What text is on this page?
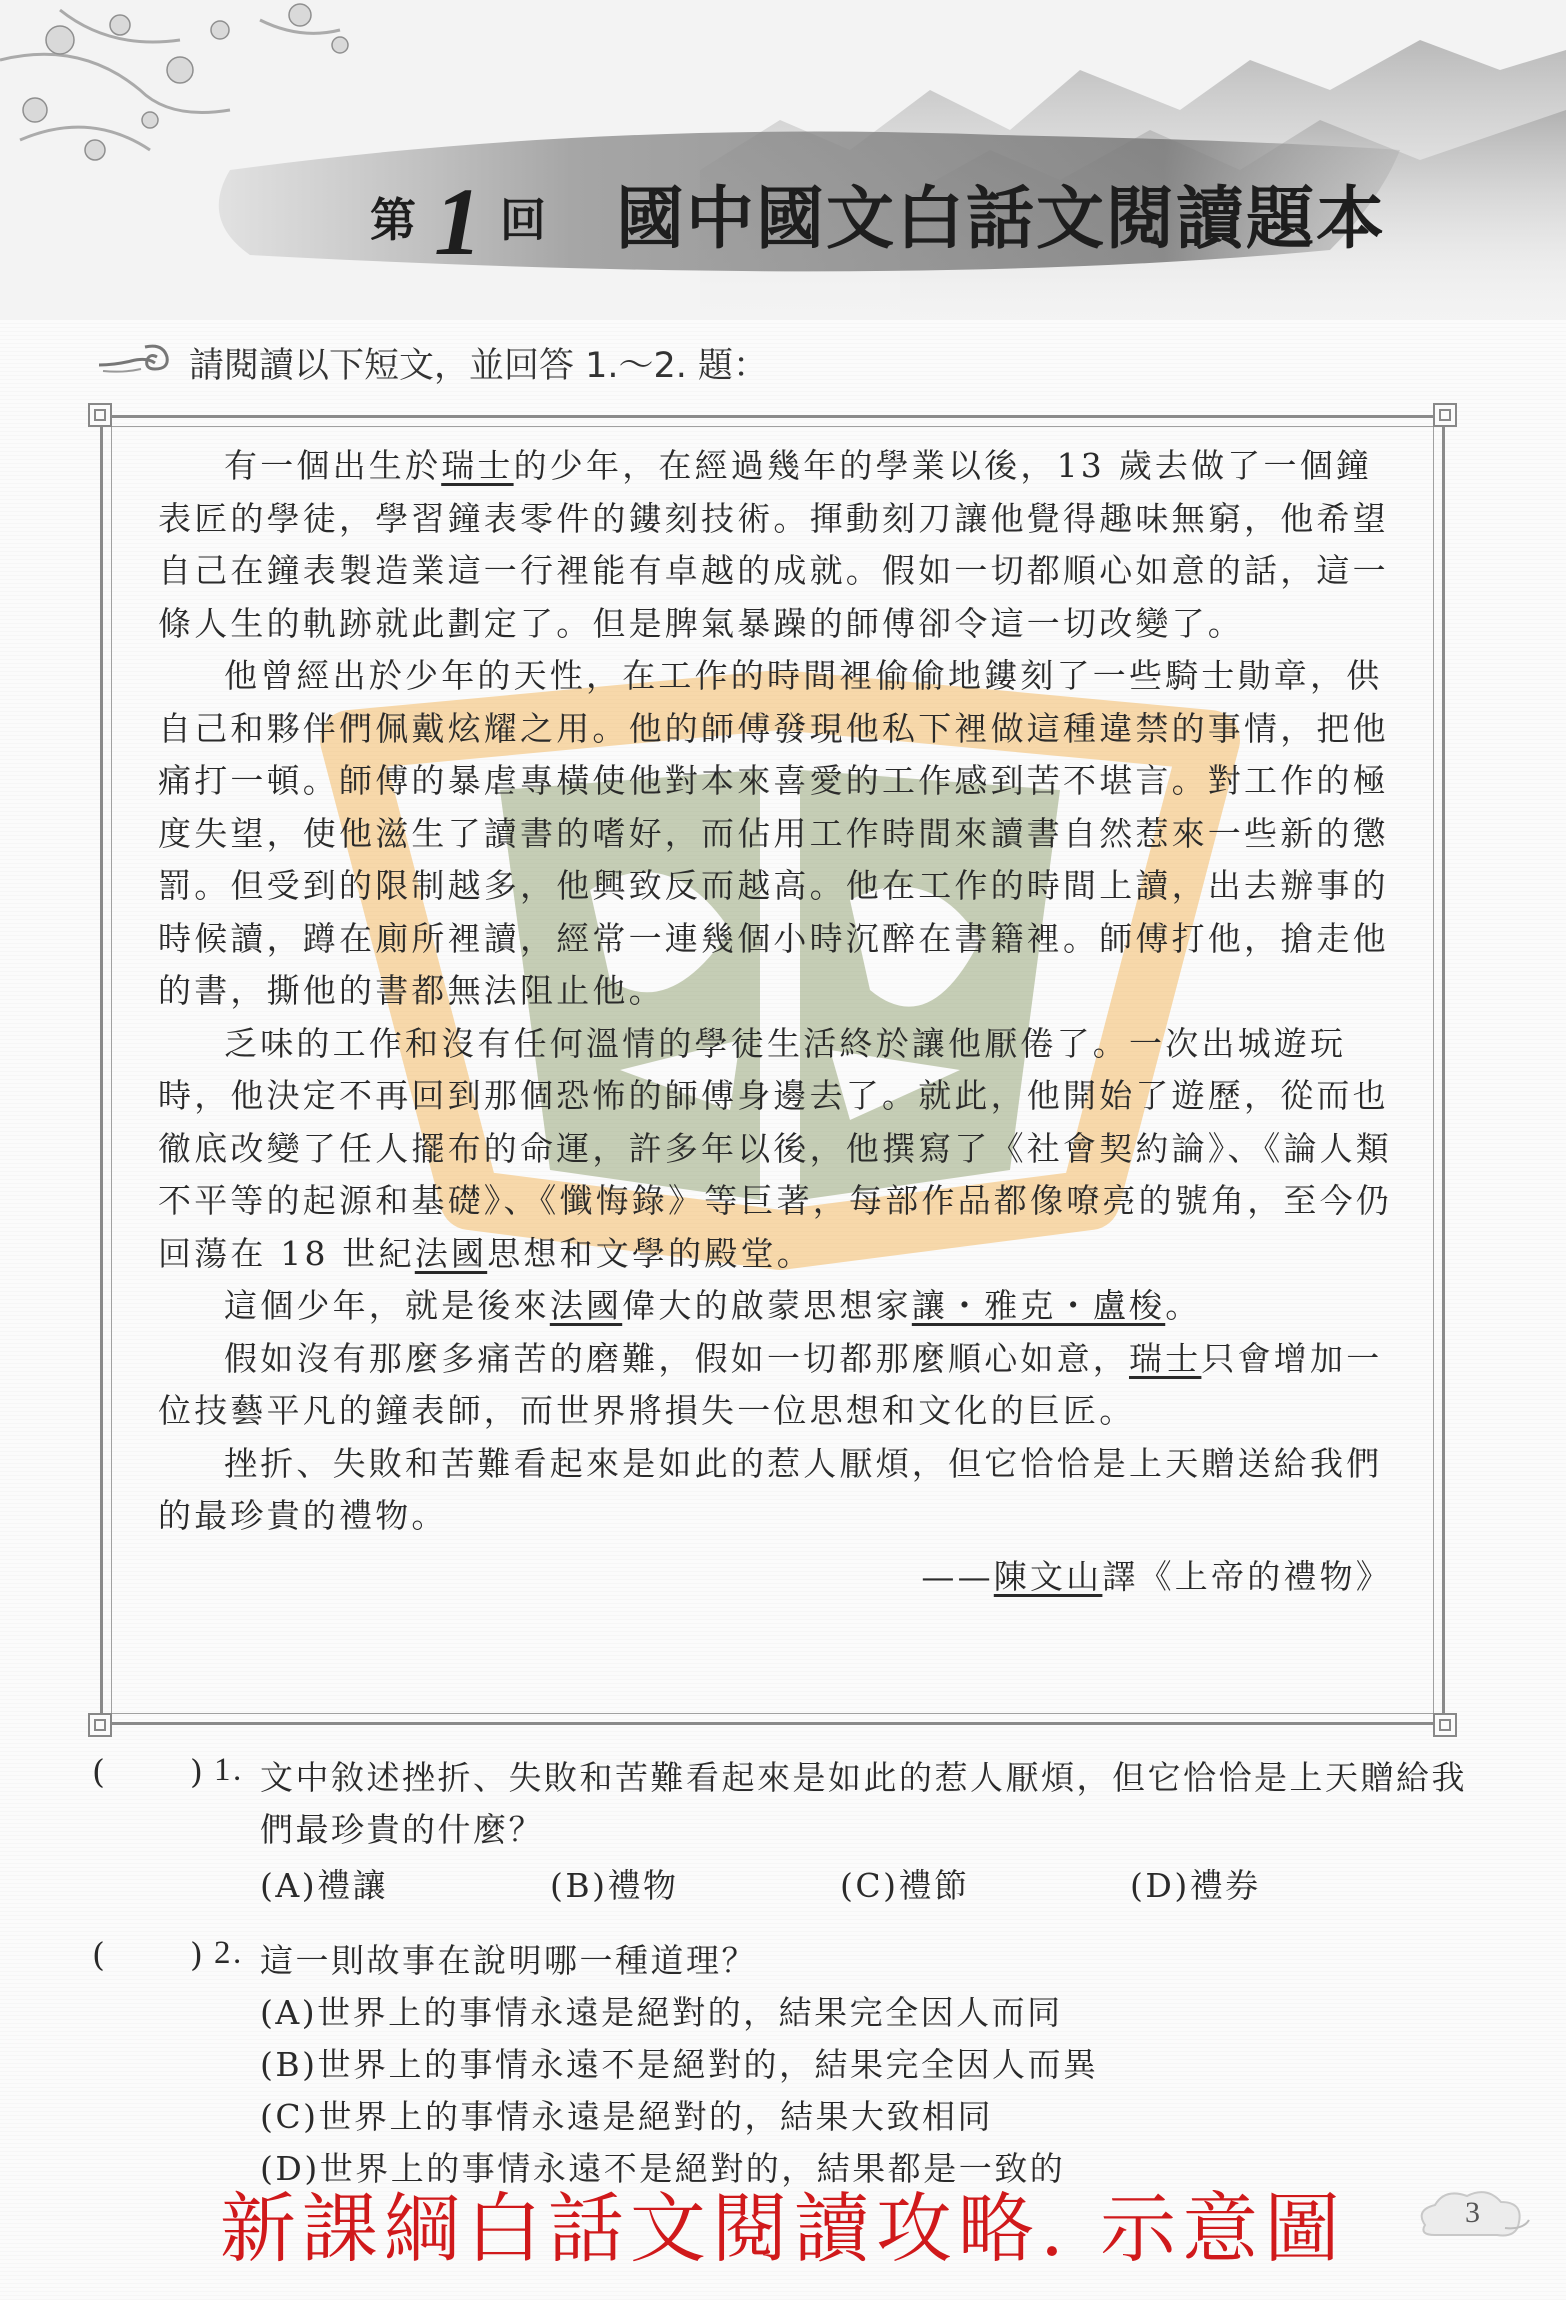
第 1 回 國中國文白話文閱讀題本
請閱讀以下短文，並回答 1.～2. 題：

有一個出生於瑞士的少年，在經過幾年的學業以後，13 歲去做了一個鐘表匠的學徒，學習鐘表零件的鏤刻技術。揮動刻刀讓他覺得趣味無窮，他希望自己在鐘表製造業這一行裡能有卓越的成就。假如一切都順心如意的話，這一條人生的軌跡就此劃定了。但是脾氣暴躁的師傅卻令這一切改變了。

他曾經出於少年的天性，在工作的時間裡偷偷地鏤刻了一些騎士勛章，供自己和夥伴們佩戴炫耀之用。他的師傅發現他私下裡做這種違禁的事情，把他痛打一頓。師傅的暴虐專橫使他對本來喜愛的工作感到苦不堪言。對工作的極度失望，使他滋生了讀書的嗜好，而佔用工作時間來讀書自然惹來一些新的懲罰。但受到的限制越多，他興致反而越高。他在工作的時間上讀，出去辦事的時候讀，蹲在廁所裡讀，經常一連幾個小時沉醉在書籍裡。師傅打他，搶走他的書，撕他的書都無法阻止他。

乏味的工作和沒有任何溫情的學徒生活終於讓他厭倦了。一次出城遊玩時，他決定不再回到那個恐怖的師傅身邊去了。就此，他開始了遊歷，從而也徹底改變了任人擺布的命運，許多年以後，他撰寫了《社會契約論》、《論人類不平等的起源和基礎》、《懺悔錄》等巨著，每部作品都像嘹亮的號角，至今仍回蕩在 18 世紀法國思想和文學的殿堂。

這個少年，就是後來法國偉大的啟蒙思想家讓・雅克・盧梭。

假如沒有那麼多痛苦的磨難，假如一切都那麼順心如意，瑞士只會增加一位技藝平凡的鐘表師，而世界將損失一位思想和文化的巨匠。

挫折、失敗和苦難看起來是如此的惹人厭煩，但它恰恰是上天贈送給我們的最珍貴的禮物。

——陳文山譯《上帝的禮物》

(	) 1. 文中敘述挫折、失敗和苦難看起來是如此的惹人厭煩，但它恰恰是上天贈給我們最珍貴的什麼？
(A)禮讓	(B)禮物	(C)禮節	(D)禮券
(	) 2. 這一則故事在說明哪一種道理？
(A)世界上的事情永遠是絕對的，結果完全因人而同
(B)世界上的事情永遠不是絕對的，結果完全因人而異
(C)世界上的事情永遠是絕對的，結果大致相同
(D)世界上的事情永遠不是絕對的，結果都是一致的
新課綱白話文閱讀攻略. 示意圖	3
